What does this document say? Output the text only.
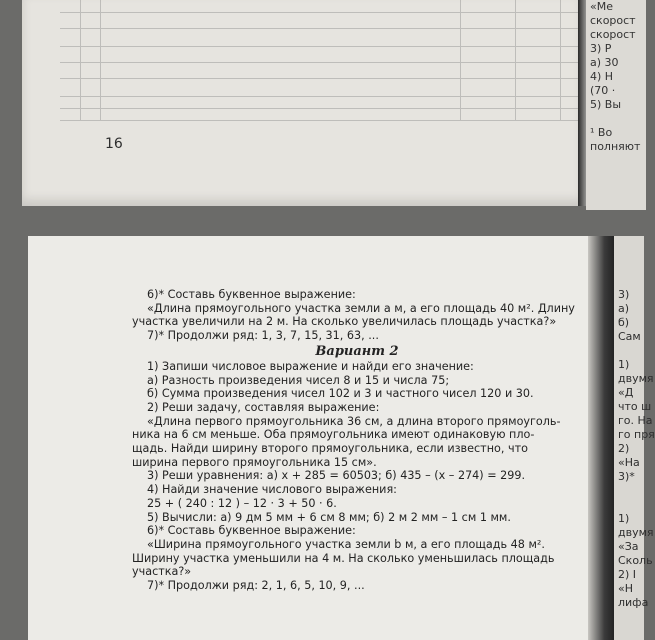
16
«Ме
скорост
скорост
3) Р
а) 30
4) Н
(70 ·
5) Вы
¹ Во
полняют
3)
а)
б)
Сам
1)
двумя
«Д
что ш
го. На
го пря
2)
«На
3)*
1)
двумя
«За
Сколь
2) I
«Н
лифа

6)* Составь буквенное выражение:

«Длина прямоугольного участка земли a м, а его площадь 40 м². Длину

участка увеличили на 2 м. На сколько увеличилась площадь участка?»

7)* Продолжи ряд: 1, 3, 7, 15, 31, 63, ...

Вариант 2

1) Запиши числовое выражение и найди его значение:

а) Разность произведения чисел 8 и 15 и числа 75;

б) Сумма произведения чисел 102 и 3 и частного чисел 120 и 30.

2) Реши задачу, составляя выражение:

«Длина первого прямоугольника 36 см, а длина второго прямоуголь-

ника на 6 см меньше. Оба прямоугольника имеют одинаковую пло-

щадь. Найди ширину второго прямоугольника, если известно, что

ширина первого прямоугольника 15 см».

3) Реши уравнения: а) x + 285 = 60503; б) 435 – (x – 274) = 299.

4) Найди значение числового выражения:

25 + ( 240 : 12 ) – 12 · 3 + 50 · 6.

5) Вычисли: а) 9 дм 5 мм + 6 см 8 мм; б) 2 м 2 мм – 1 см 1 мм.

6)* Составь буквенное выражение:

«Ширина прямоугольного участка земли b м, а его площадь 48 м².

Ширину участка уменьшили на 4 м. На сколько уменьшилась площадь

участка?»

7)* Продолжи ряд: 2, 1, 6, 5, 10, 9, ...
